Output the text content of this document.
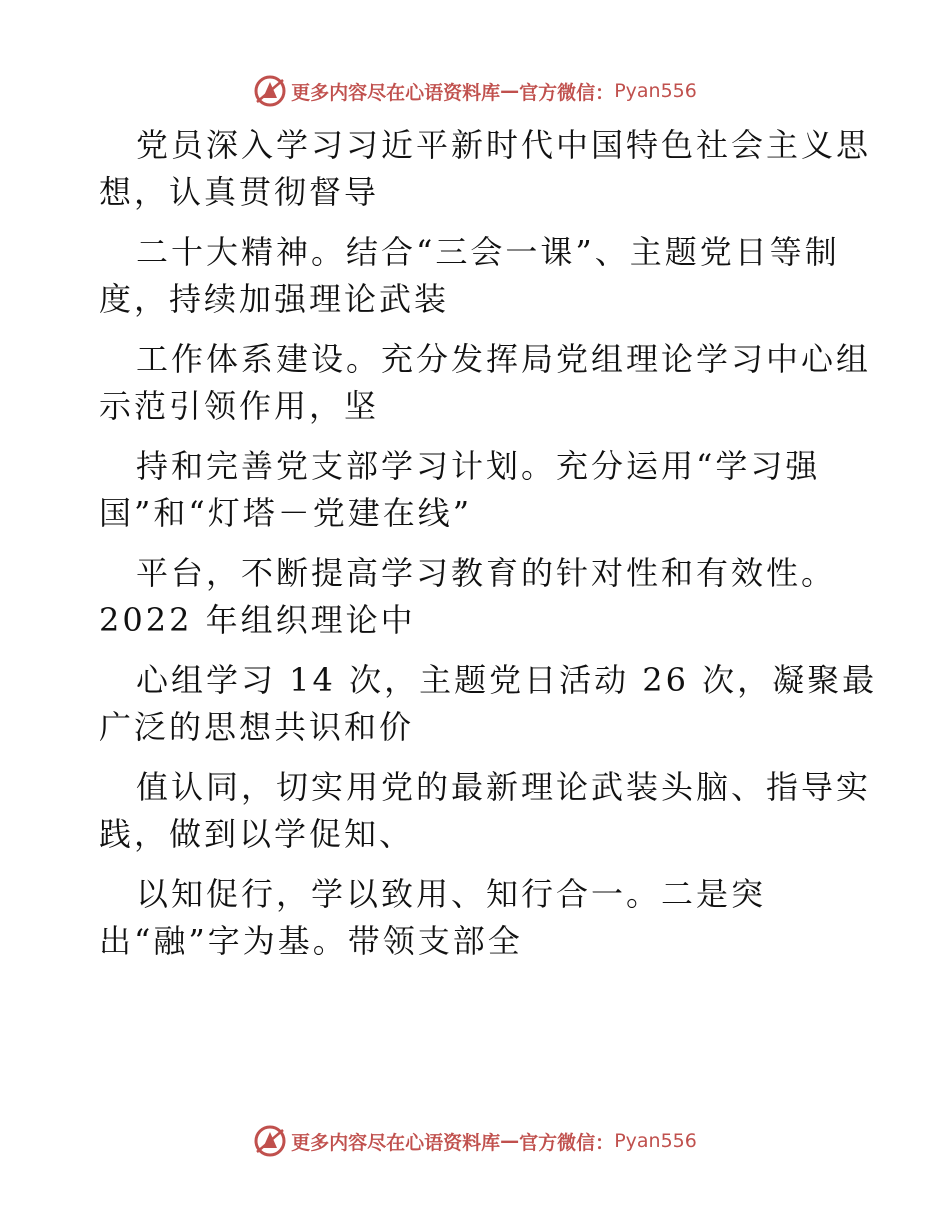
更多内容尽在心语资料库 — 官方微信： Pyan556
党员深入学习习近平新时代中国特色社会主义思
想，认真贯彻督导
二十大精神。结合“三会一课”、主题党日等制
度，持续加强理论武装
工作体系建设。充分发挥局党组理论学习中心组
示范引领作用，坚
持和完善党支部学习计划。充分运用“学习强
国”和“灯塔－党建在线”
平台，不断提高学习教育的针对性和有效性。
2022 年组织理论中
心组学习 14 次，主题党日活动 26 次，凝聚最
广泛的思想共识和价
值认同，切实用党的最新理论武装头脑、指导实
践，做到以学促知、
以知促行，学以致用、知行合一。二是突
出“融”字为基。带领支部全
更多内容尽在心语资料库 — 官方微信： Pyan556
